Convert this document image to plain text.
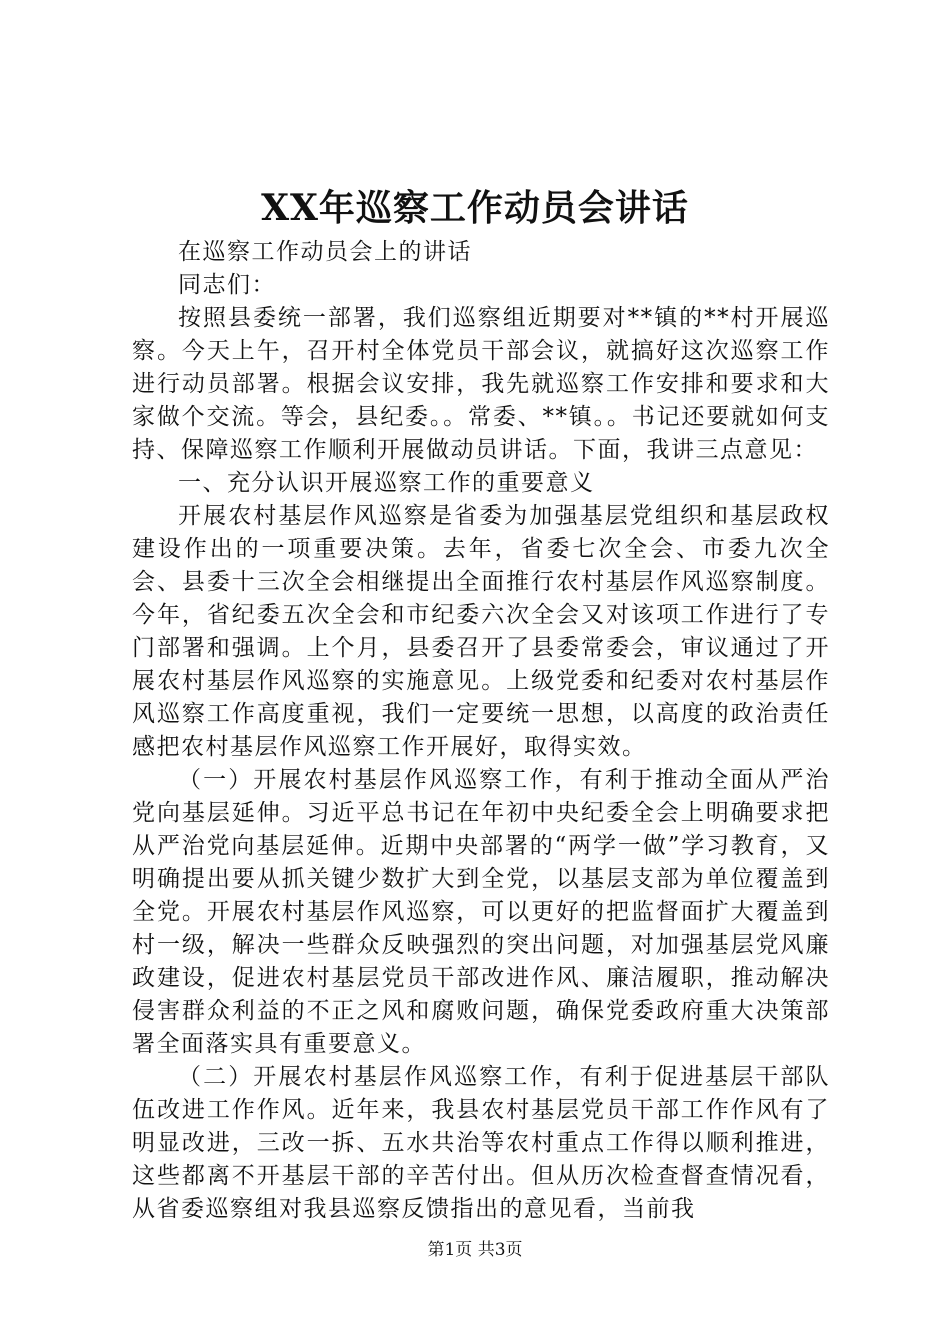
XX年巡察工作动员会讲话

在巡察工作动员会上的讲话

同志们：

按照县委统一部署，我们巡察组近期要对**镇的**村开展巡察。今天上午，召开村全体党员干部会议，就搞好这次巡察工作进行动员部署。根据会议安排，我先就巡察工作安排和要求和大家做个交流。等会，县纪委。。常委、**镇。。书记还要就如何支持、保障巡察工作顺利开展做动员讲话。下面，我讲三点意见：

一、充分认识开展巡察工作的重要意义

开展农村基层作风巡察是省委为加强基层党组织和基层政权建设作出的一项重要决策。去年，省委七次全会、市委九次全会、县委十三次全会相继提出全面推行农村基层作风巡察制度。今年，省纪委五次全会和市纪委六次全会又对该项工作进行了专门部署和强调。上个月，县委召开了县委常委会，审议通过了开展农村基层作风巡察的实施意见。上级党委和纪委对农村基层作风巡察工作高度重视，我们一定要统一思想，以高度的政治责任感把农村基层作风巡察工作开展好，取得实效。

（一）开展农村基层作风巡察工作，有利于推动全面从严治党向基层延伸。习近平总书记在年初中央纪委全会上明确要求把从严治党向基层延伸。近期中央部署的“两学一做”学习教育，又明确提出要从抓关键少数扩大到全党，以基层支部为单位覆盖到全党。开展农村基层作风巡察，可以更好的把监督面扩大覆盖到村一级，解决一些群众反映强烈的突出问题，对加强基层党风廉政建设，促进农村基层党员干部改进作风、廉洁履职，推动解决侵害群众利益的不正之风和腐败问题，确保党委政府重大决策部署全面落实具有重要意义。

（二）开展农村基层作风巡察工作，有利于促进基层干部队伍改进工作作风。近年来，我县农村基层党员干部工作作风有了明显改进，三改一拆、五水共治等农村重点工作得以顺利推进，这些都离不开基层干部的辛苦付出。但从历次检查督查情况看，从省委巡察组对我县巡察反馈指出的意见看，当前我

第1页 共3页
